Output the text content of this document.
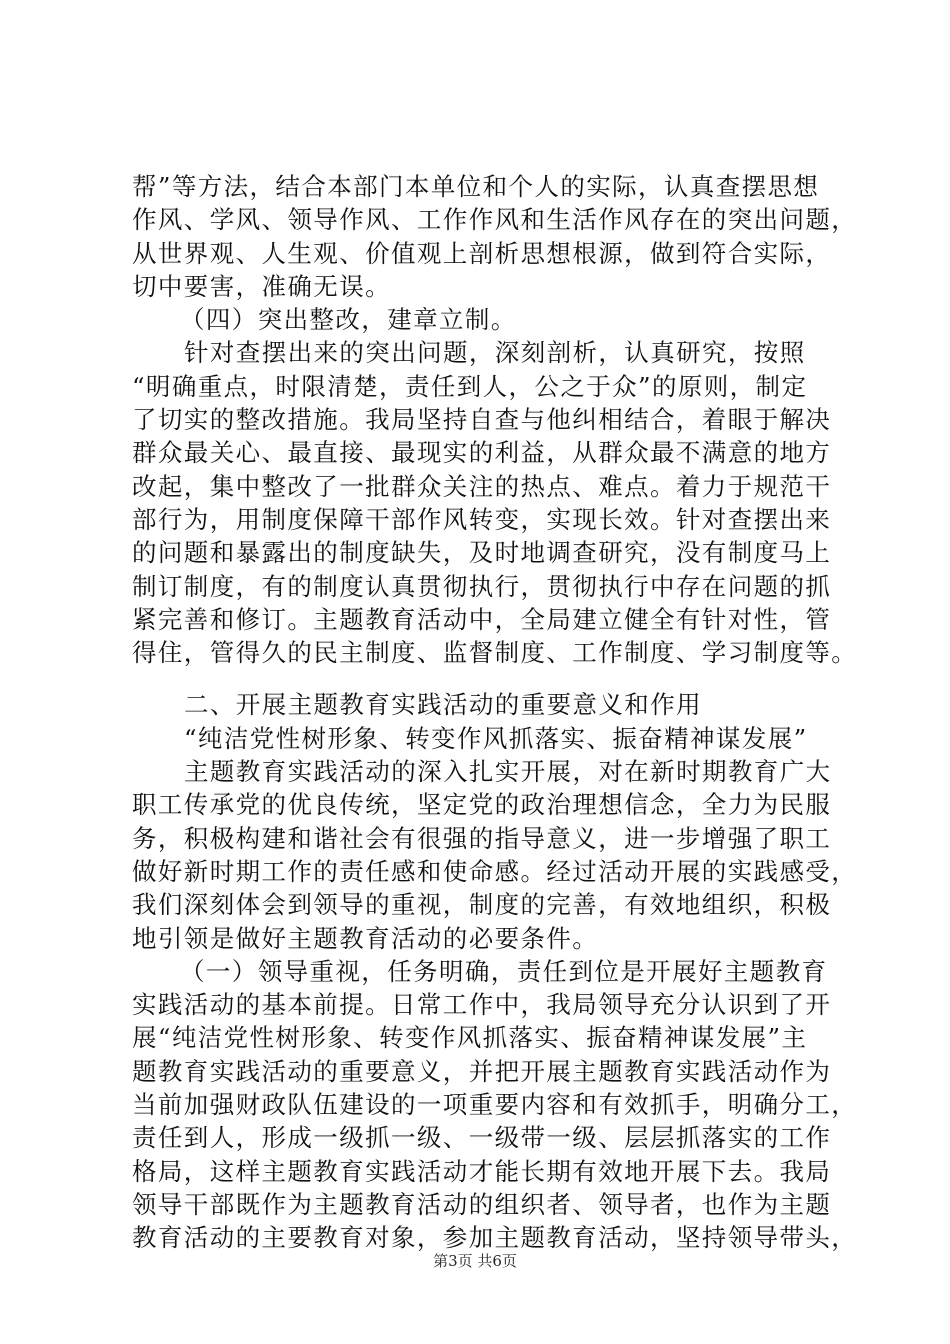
帮”等方法，结合本部门本单位和个人的实际，认真查摆思想
作风、学风、领导作风、工作作风和生活作风存在的突出问题，
从世界观、人生观、价值观上剖析思想根源，做到符合实际，
切中要害，准确无误。
（四）突出整改，建章立制。
针对查摆出来的突出问题，深刻剖析，认真研究，按照
“明确重点，时限清楚，责任到人，公之于众”的原则，制定
了切实的整改措施。我局坚持自查与他纠相结合，着眼于解决
群众最关心、最直接、最现实的利益，从群众最不满意的地方
改起，集中整改了一批群众关注的热点、难点。着力于规范干
部行为，用制度保障干部作风转变，实现长效。针对查摆出来
的问题和暴露出的制度缺失，及时地调查研究，没有制度马上
制订制度，有的制度认真贯彻执行，贯彻执行中存在问题的抓
紧完善和修订。主题教育活动中，全局建立健全有针对性，管
得住，管得久的民主制度、监督制度、工作制度、学习制度等。
二、开展主题教育实践活动的重要意义和作用
“纯洁党性树形象、转变作风抓落实、振奋精神谋发展”
主题教育实践活动的深入扎实开展，对在新时期教育广大
职工传承党的优良传统，坚定党的政治理想信念，全力为民服
务，积极构建和谐社会有很强的指导意义，进一步增强了职工
做好新时期工作的责任感和使命感。经过活动开展的实践感受，
我们深刻体会到领导的重视，制度的完善，有效地组织，积极
地引领是做好主题教育活动的必要条件。
（一）领导重视，任务明确，责任到位是开展好主题教育
实践活动的基本前提。日常工作中，我局领导充分认识到了开
展“纯洁党性树形象、转变作风抓落实、振奋精神谋发展”主
题教育实践活动的重要意义，并把开展主题教育实践活动作为
当前加强财政队伍建设的一项重要内容和有效抓手，明确分工，
责任到人，形成一级抓一级、一级带一级、层层抓落实的工作
格局，这样主题教育实践活动才能长期有效地开展下去。我局
领导干部既作为主题教育活动的组织者、领导者，也作为主题
教育活动的主要教育对象，参加主题教育活动，坚持领导带头，
第3页 共6页
